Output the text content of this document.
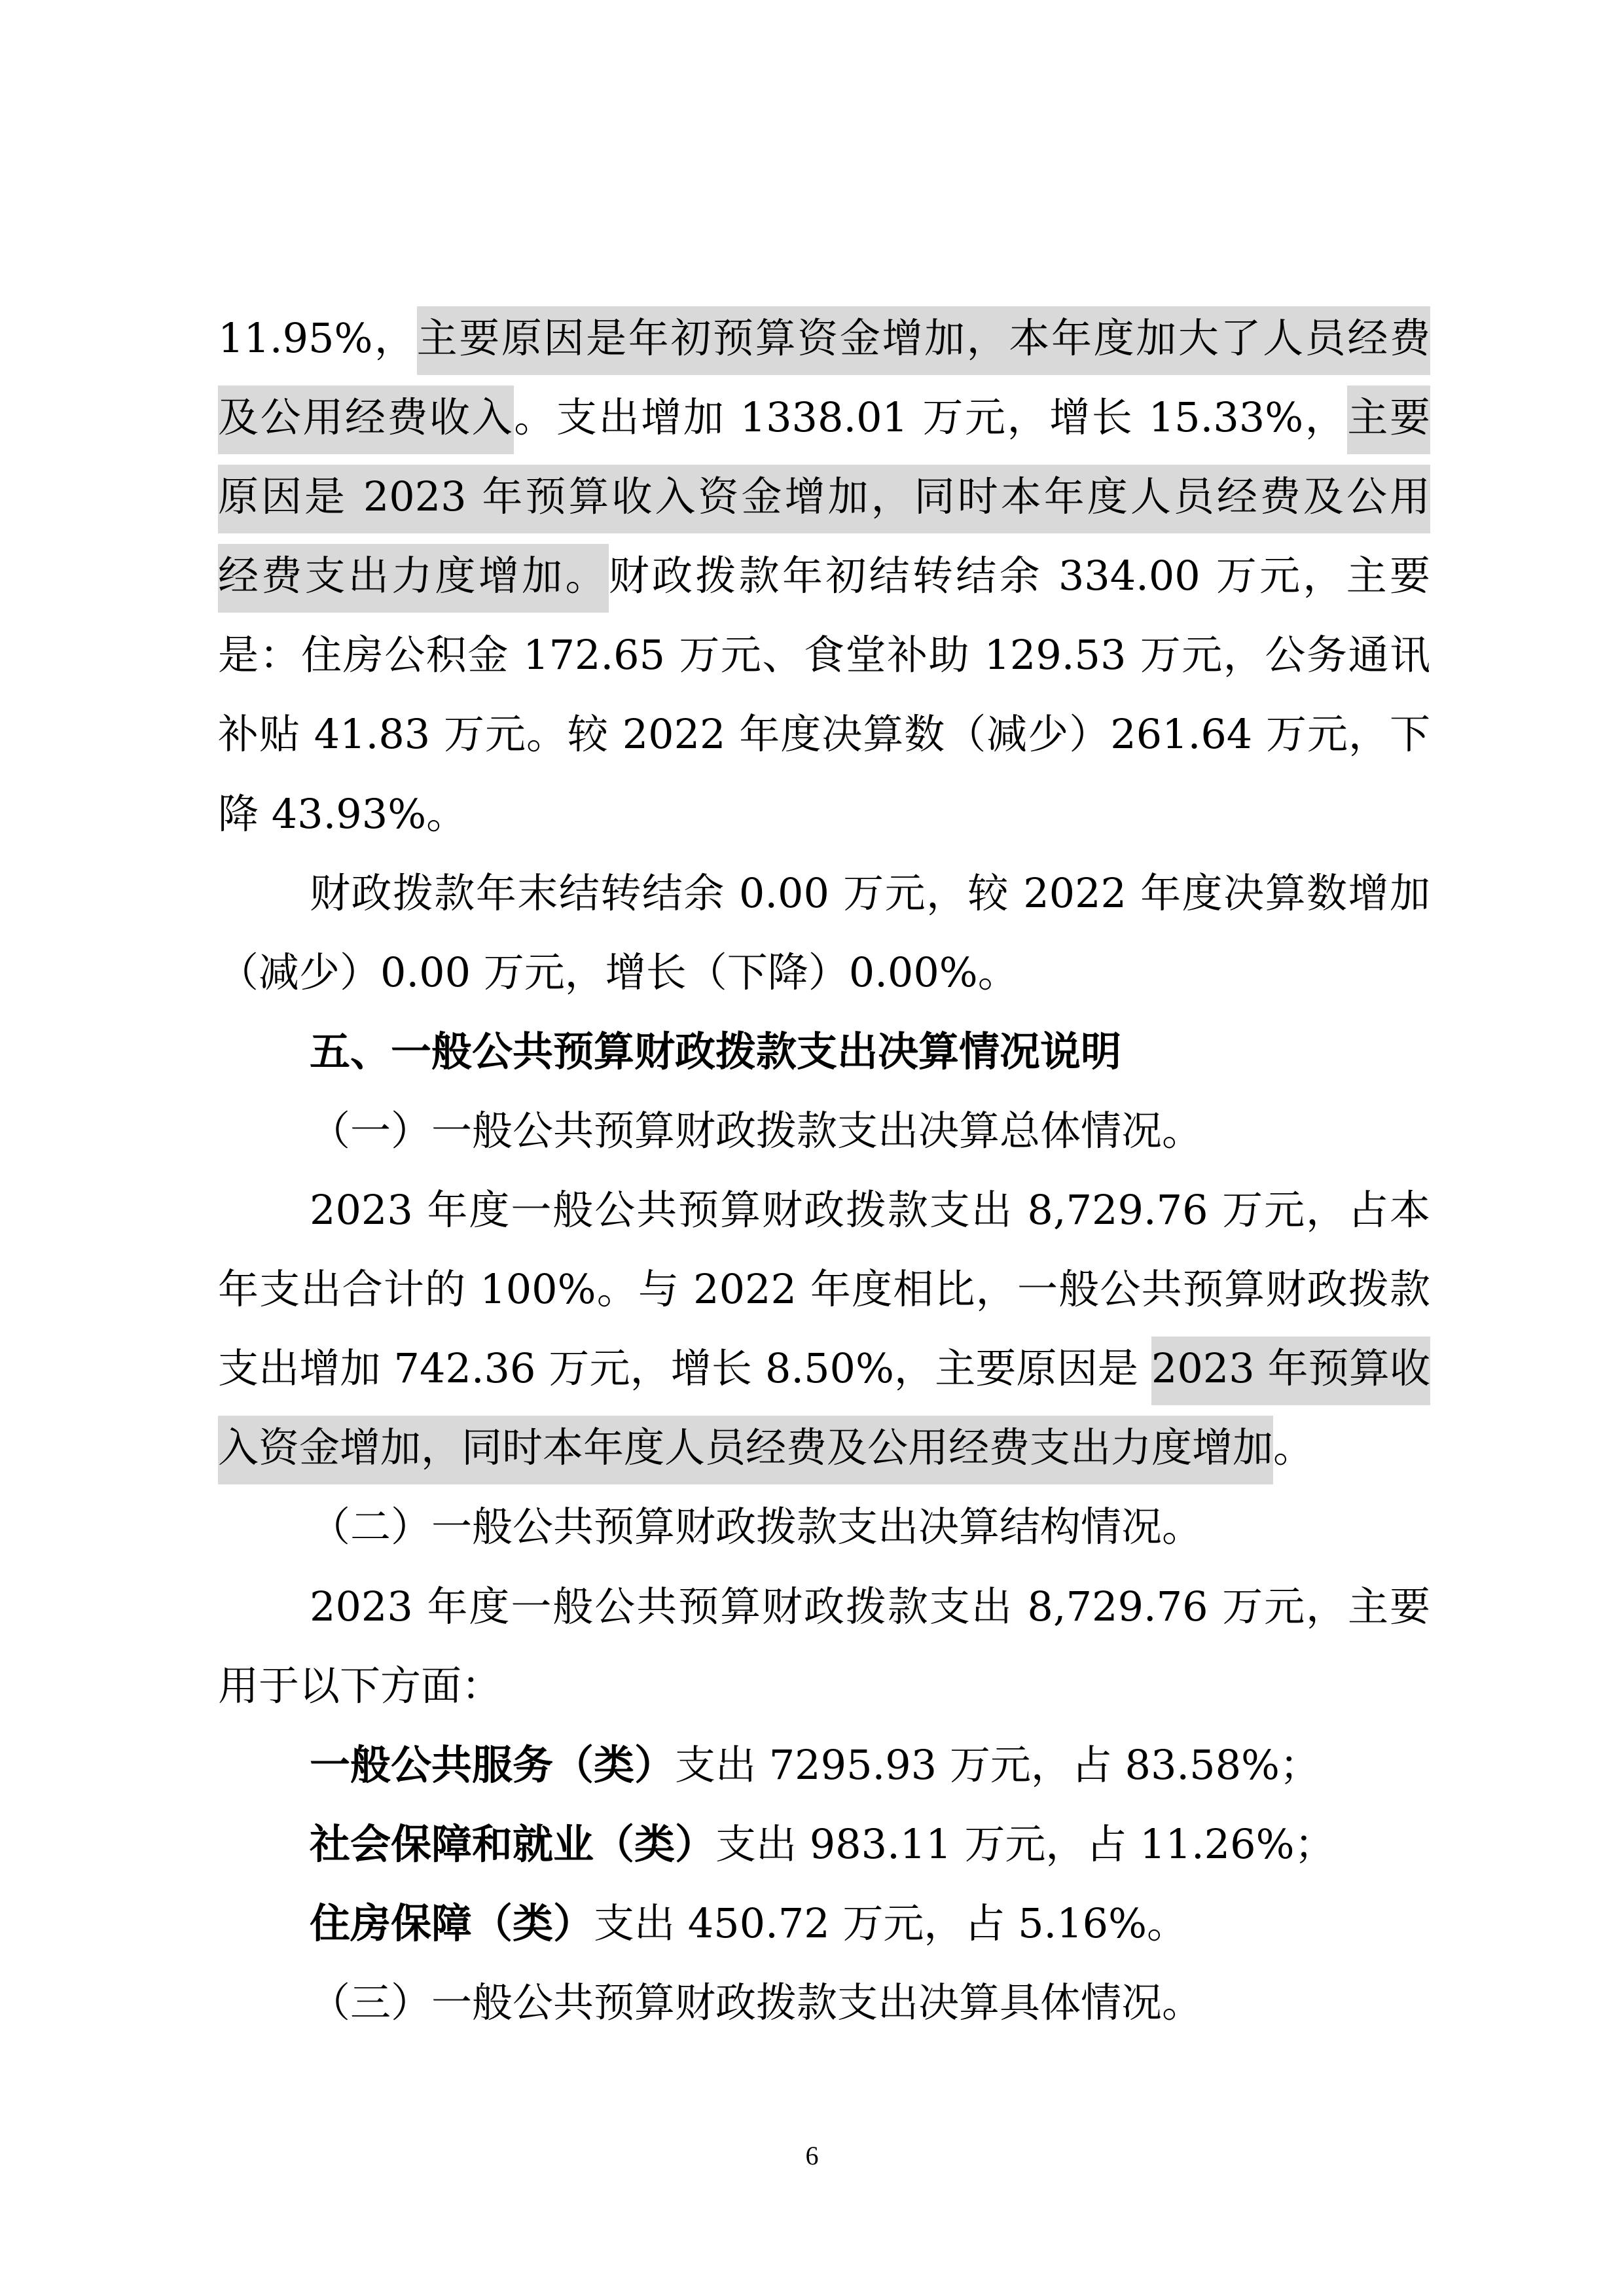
11.95%，主要原因是年初预算资金增加，本年度加大了人员经费
及公用经费收入。支出增加 1338.01 万元，增长 15.33%，主要
原因是 2023 年预算收入资金增加，同时本年度人员经费及公用
经费支出力度增加。财政拨款年初结转结余 334.00 万元，主要
是：住房公积金 172.65 万元、食堂补助 129.53 万元，公务通讯
补贴 41.83 万元。较 2022 年度决算数（减少）261.64 万元，下
降 43.93%。
财政拨款年末结转结余 0.00 万元，较 2022 年度决算数增加
（减少）0.00 万元，增长（下降）0.00%。
五、一般公共预算财政拨款支出决算情况说明
（一）一般公共预算财政拨款支出决算总体情况。
2023 年度一般公共预算财政拨款支出 8,729.76 万元，占本
年支出合计的 100%。与 2022 年度相比，一般公共预算财政拨款
支出增加 742.36 万元，增长 8.50%，主要原因是 2023 年预算收
入资金增加，同时本年度人员经费及公用经费支出力度增加。
（二）一般公共预算财政拨款支出决算结构情况。
2023 年度一般公共预算财政拨款支出 8,729.76 万元，主要
用于以下方面：
一般公共服务（类）支出 7295.93 万元，占 83.58%；
社会保障和就业（类）支出 983.11 万元，占 11.26%；
住房保障（类）支出 450.72 万元，占 5.16%。
（三）一般公共预算财政拨款支出决算具体情况。
6
